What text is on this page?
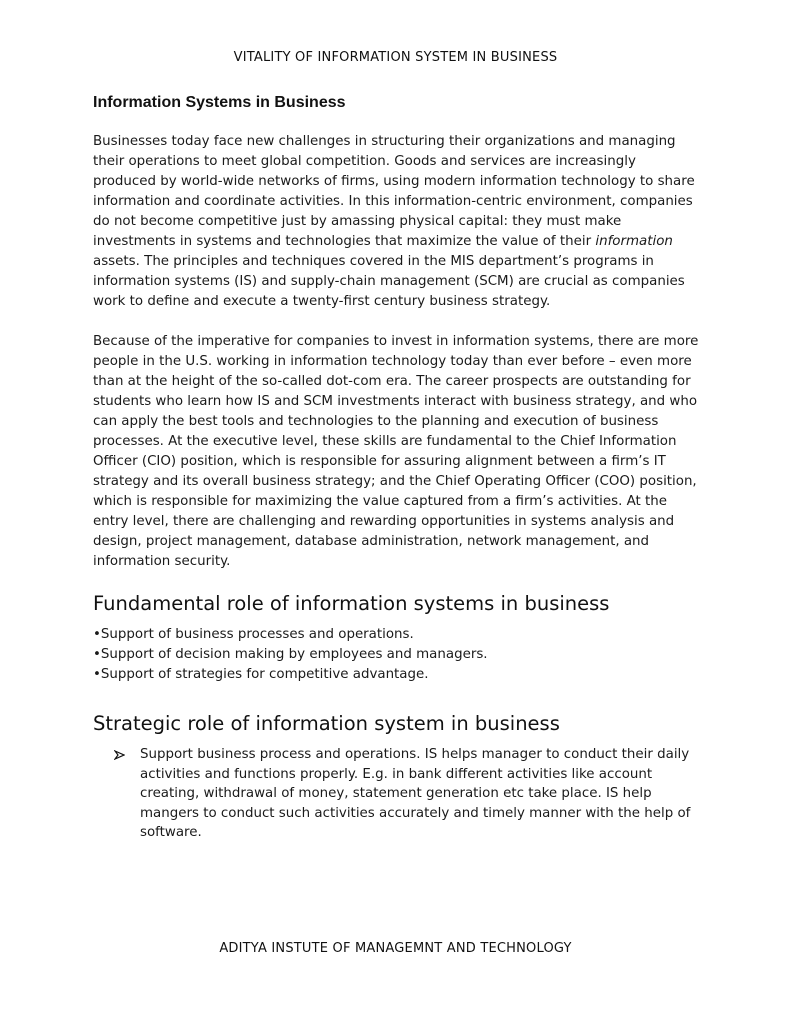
VITALITY OF INFORMATION SYSTEM IN BUSINESS
Information Systems in Business

Businesses today face new challenges in structuring their organizations and managing their operations to meet global competition. Goods and services are increasingly produced by world-wide networks of firms, using modern information technology to share information and coordinate activities. In this information-centric environment, companies do not become competitive just by amassing physical capital: they must make investments in systems and technologies that maximize the value of their information assets. The principles and techniques covered in the MIS department’s programs in information systems (IS) and supply-chain management (SCM) are crucial as companies work to define and execute a twenty-first century business strategy.

Because of the imperative for companies to invest in information systems, there are more people in the U.S. working in information technology today than ever before – even more than at the height of the so-called dot-com era. The career prospects are outstanding for students who learn how IS and SCM investments interact with business strategy, and who can apply the best tools and technologies to the planning and execution of business processes. At the executive level, these skills are fundamental to the Chief Information Officer (CIO) position, which is responsible for assuring alignment between a firm’s IT strategy and its overall business strategy; and the Chief Operating Officer (COO) position, which is responsible for maximizing the value captured from a firm’s activities. At the entry level, there are challenging and rewarding opportunities in systems analysis and design, project management, database administration, network management, and information security.

Fundamental role of information systems in business
•Support of business processes and operations.
•Support of decision making by employees and managers.
•Support of strategies for competitive advantage.
Strategic role of information system in business
Support business process and operations. IS helps manager to conduct their daily activities and functions properly. E.g. in bank different activities like account creating, withdrawal of money, statement generation etc take place. IS help mangers to conduct such activities accurately and timely manner with the help of software.
ADITYA INSTUTE OF MANAGEMNT AND TECHNOLOGY
